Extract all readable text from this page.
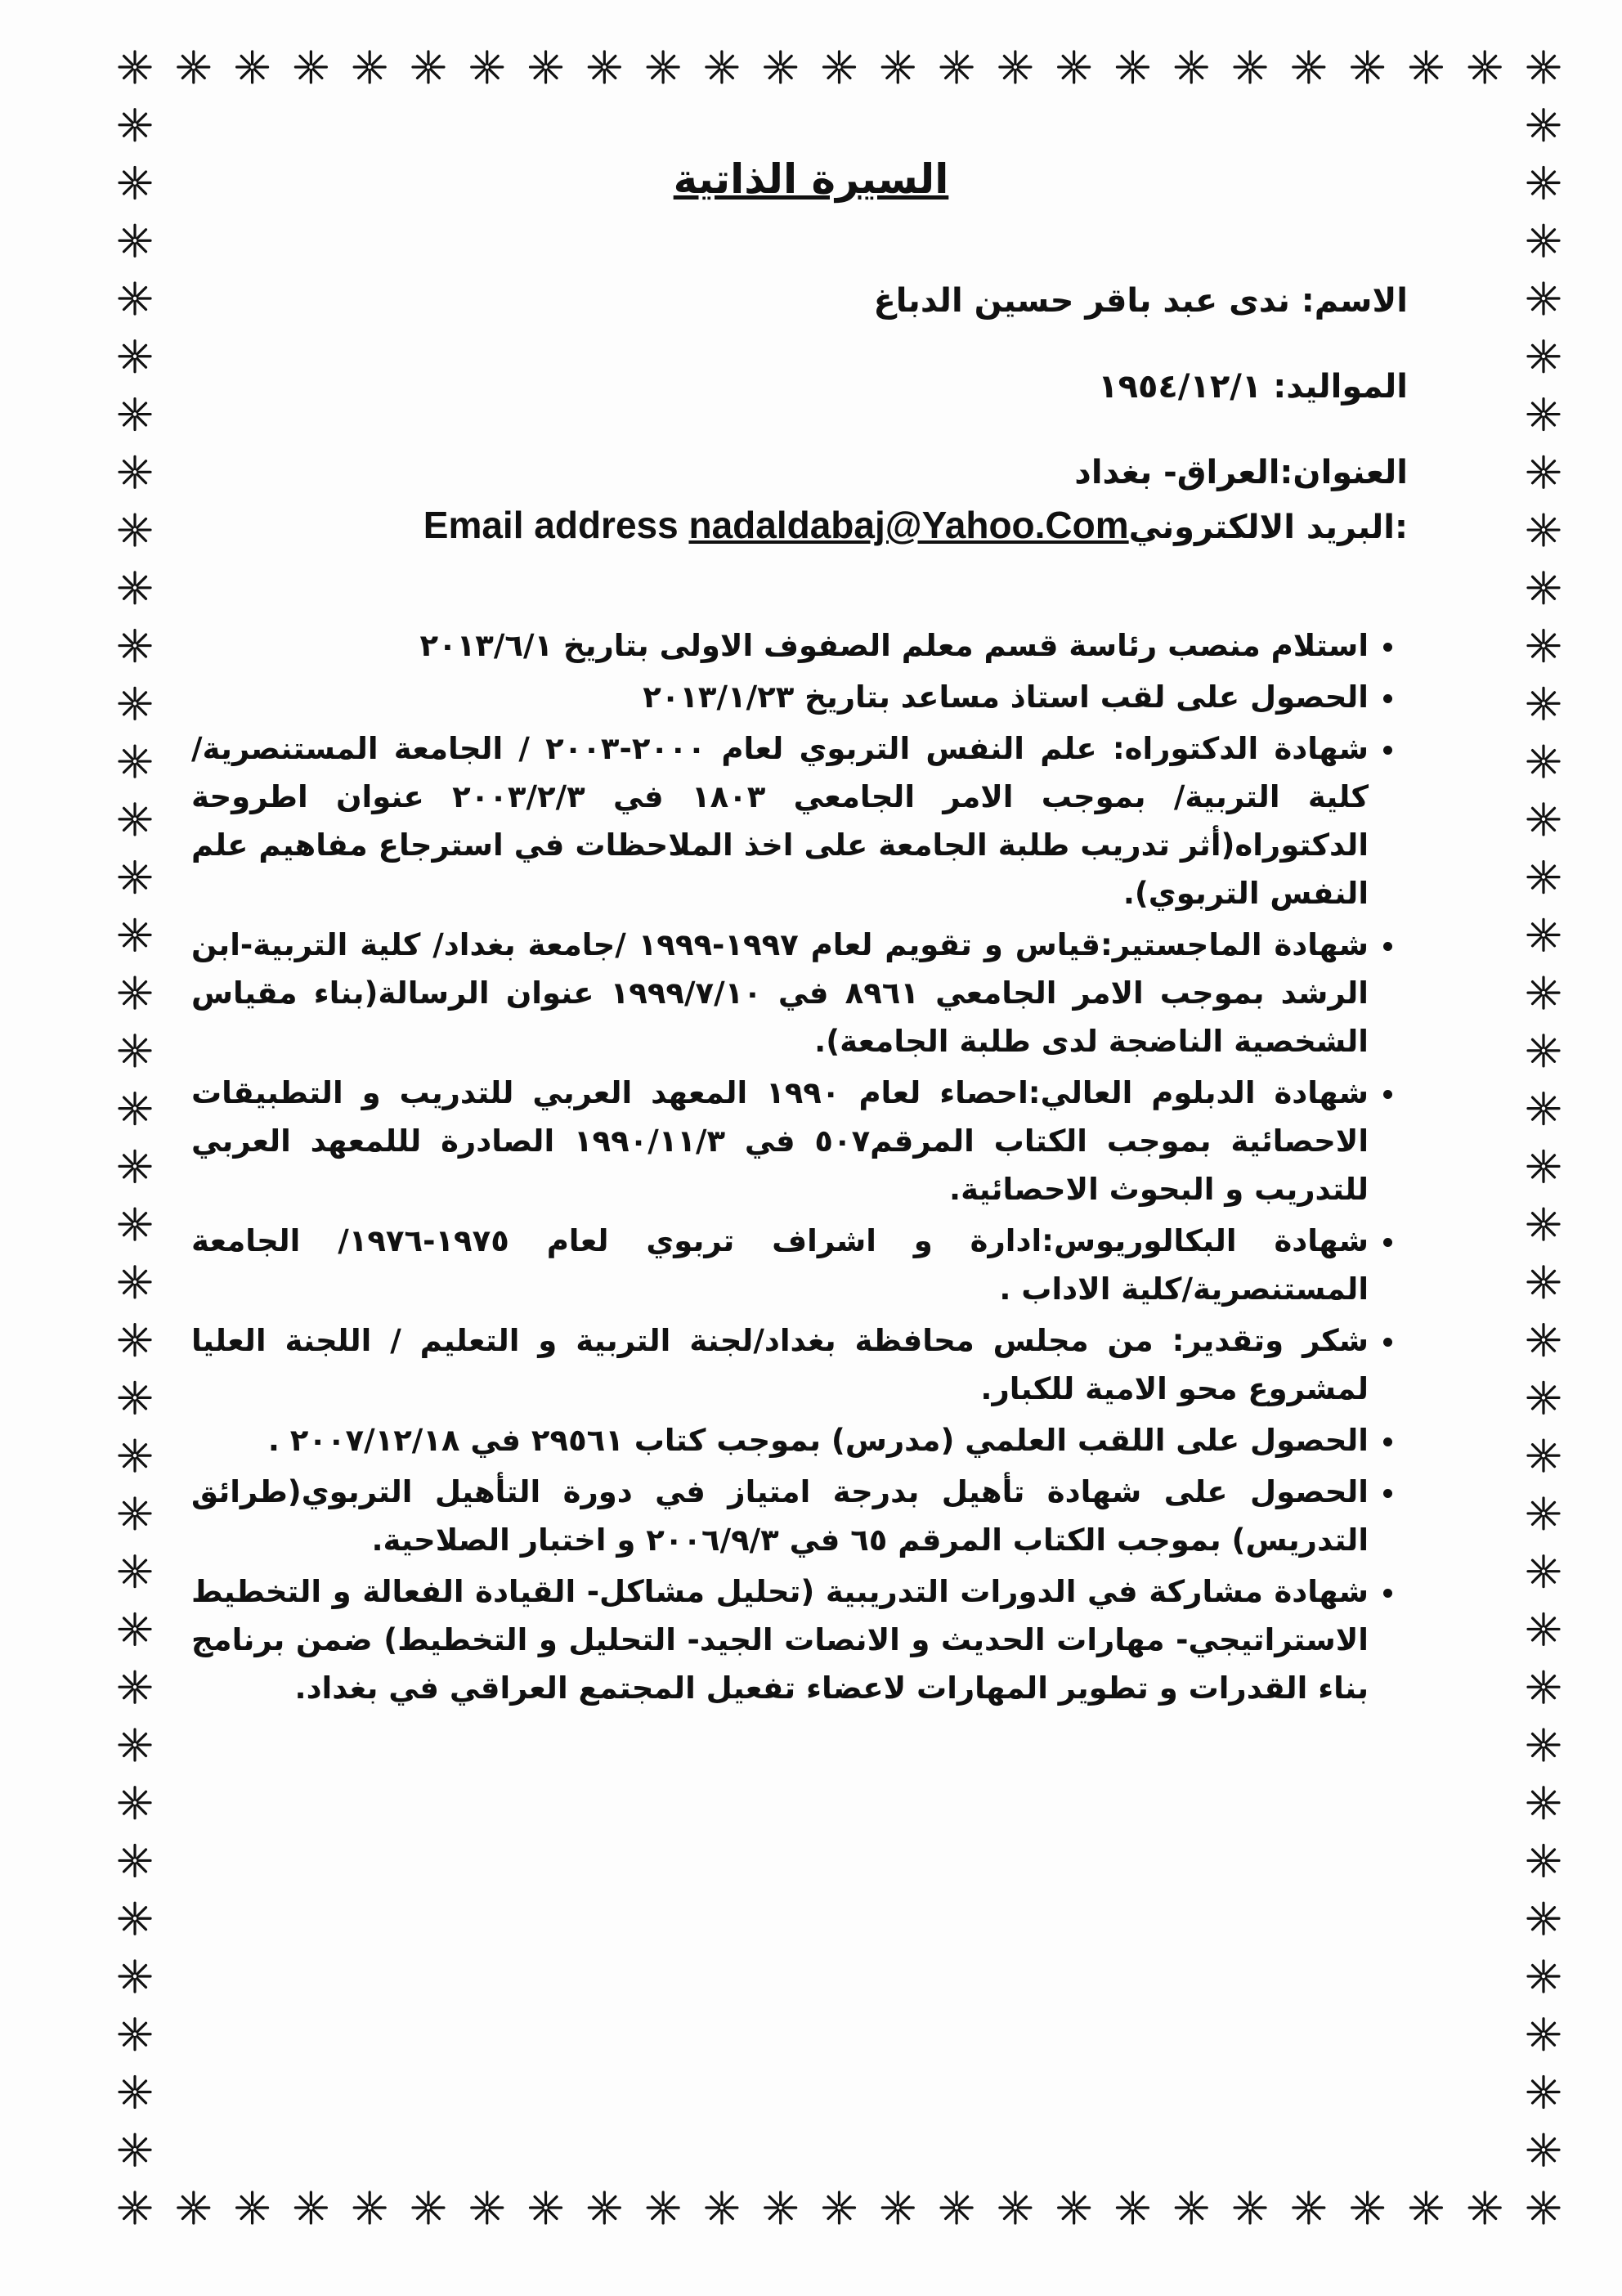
السيرة الذاتية
الاسم: ندى عبد باقر حسين الدباغ
المواليد: ١٩٥٤/١٢/١
العنوان:العراق- بغداد
Email address nadaldabaj@Yahoo.Comالبريد الالكتروني:
• استلام منصب رئاسة قسم معلم الصفوف الاولى بتاريخ ٢٠١٣/٦/١
• الحصول على لقب استاذ مساعد بتاريخ ٢٠١٣/١/٢٣
• شهادة الدكتوراه: علم النفس التربوي لعام ٢٠٠٠-٢٠٠٣ / الجامعة المستنصرية/كلية التربية/ بموجب الامر الجامعي ١٨٠٣ في ٢٠٠٣/٢/٣ عنوان اطروحة الدكتوراه(أثر تدريب طلبة الجامعة على اخذ الملاحظات في استرجاع مفاهيم علم النفس التربوي).
• شهادة الماجستير:قياس و تقويم لعام ١٩٩٧-١٩٩٩ /جامعة بغداد/ كلية التربية-ابن الرشد بموجب الامر الجامعي ٨٩٦١ في ١٩٩٩/٧/١٠ عنوان الرسالة(بناء مقياس الشخصية الناضجة لدى طلبة الجامعة).
• شهادة الدبلوم العالي:احصاء لعام ١٩٩٠ المعهد العربي للتدريب و التطبيقات الاحصائية بموجب الكتاب المرقم٥٠٧ في ١٩٩٠/١١/٣ الصادرة لللمعهد العربي للتدريب و البحوث الاحصائية.
• شهادة البكالوريوس:ادارة و اشراف تربوي لعام ١٩٧٥-١٩٧٦/ الجامعة المستنصرية/كلية الاداب .
• شكر وتقدير: من مجلس محافظة بغداد/لجنة التربية و التعليم / اللجنة العليا لمشروع محو الامية للكبار.
• الحصول على اللقب العلمي (مدرس) بموجب كتاب ٢٩٥٦١ في ٢٠٠٧/١٢/١٨ .
• الحصول على شهادة تأهيل بدرجة امتياز في دورة التأهيل التربوي(طرائق التدريس) بموجب الكتاب المرقم ٦٥ في ٢٠٠٦/٩/٣ و اختبار الصلاحية.
• شهادة مشاركة في الدورات التدريبية (تحليل مشاكل- القيادة الفعالة و التخطيط الاستراتيجي- مهارات الحديث و الانصات الجيد- التحليل و التخطيط) ضمن برنامج بناء القدرات و تطوير المهارات لاعضاء تفعيل المجتمع العراقي في بغداد.
